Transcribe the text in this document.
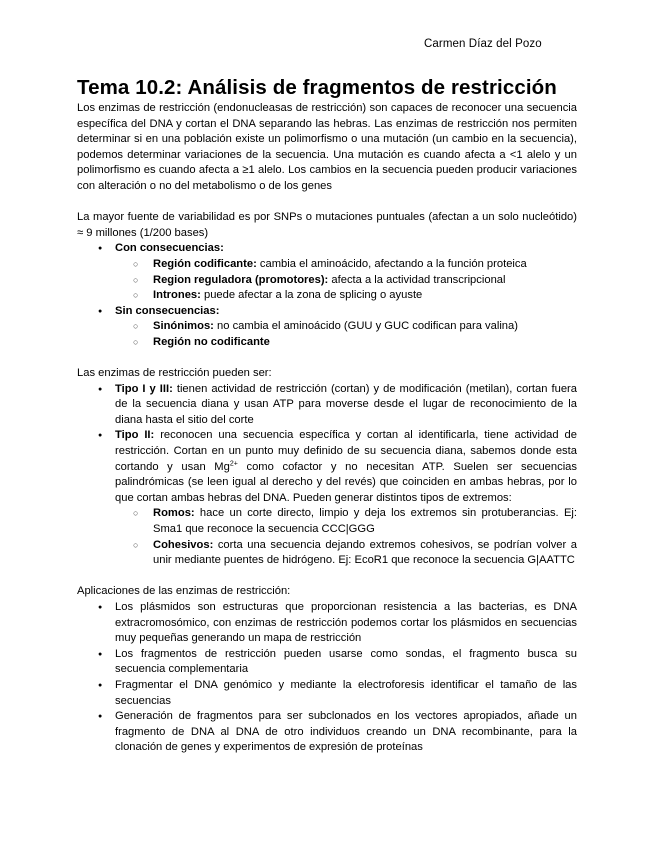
Carmen Díaz del Pozo
Tema 10.2: Análisis de fragmentos de restricción

Los enzimas de restricción (endonucleasas de restricción) son capaces de reconocer una secuencia específica del DNA y cortan el DNA separando las hebras. Las enzimas de restricción nos permiten determinar si en una población existe un polimorfismo o una mutación (un cambio en la secuencia), podemos determinar variaciones de la secuencia. Una mutación es cuando afecta a <1 alelo y un polimorfismo es cuando afecta a ≥1 alelo. Los cambios en la secuencia pueden producir variaciones con alteración o no del metabolismo o de los genes

La mayor fuente de variabilidad es por SNPs o mutaciones puntuales (afectan a un solo nucleótido) ≈ 9 millones (1/200 bases)

● Con consecuencias:
○ Región codificante: cambia el aminoácido, afectando a la función proteica
○ Region reguladora (promotores): afecta a la actividad transcripcional
○ Intrones: puede afectar a la zona de splicing o ayuste
● Sin consecuencias:
○ Sinónimos: no cambia el aminoácido (GUU y GUC codifican para valina)
○ Región no codificante

Las enzimas de restricción pueden ser:

● Tipo I y III: tienen actividad de restricción (cortan) y de modificación (metilan), cortan fuera de la secuencia diana y usan ATP para moverse desde el lugar de reconocimiento de la diana hasta el sitio del corte
● Tipo II: reconocen una secuencia específica y cortan al identificarla, tiene actividad de restricción. Cortan en un punto muy definido de su secuencia diana, sabemos donde esta cortando y usan $Mg^{2+}$ como cofactor y no necesitan ATP. Suelen ser secuencias palindrómicas (se leen igual al derecho y del revés) que coinciden en ambas hebras, por lo que cortan ambas hebras del DNA. Pueden generar distintos tipos de extremos:
○ Romos: hace un corte directo, limpio y deja los extremos sin protuberancias. Ej: Sma1 que reconoce la secuencia CCC|GGG
○ Cohesivos: corta una secuencia dejando extremos cohesivos, se podrían volver a unir mediante puentes de hidrógeno. Ej: EcoR1 que reconoce la secuencia G|AATTC

Aplicaciones de las enzimas de restricción:

● Los plásmidos son estructuras que proporcionan resistencia a las bacterias, es DNA extracromosómico, con enzimas de restricción podemos cortar los plásmidos en secuencias muy pequeñas generando un mapa de restricción
● Los fragmentos de restricción pueden usarse como sondas, el fragmento busca su secuencia complementaria
● Fragmentar el DNA genómico y mediante la electroforesis identificar el tamaño de las secuencias
● Generación de fragmentos para ser subclonados en los vectores apropiados, añade un fragmento de DNA al DNA de otro individuos creando un DNA recombinante, para la clonación de genes y experimentos de expresión de proteínas
